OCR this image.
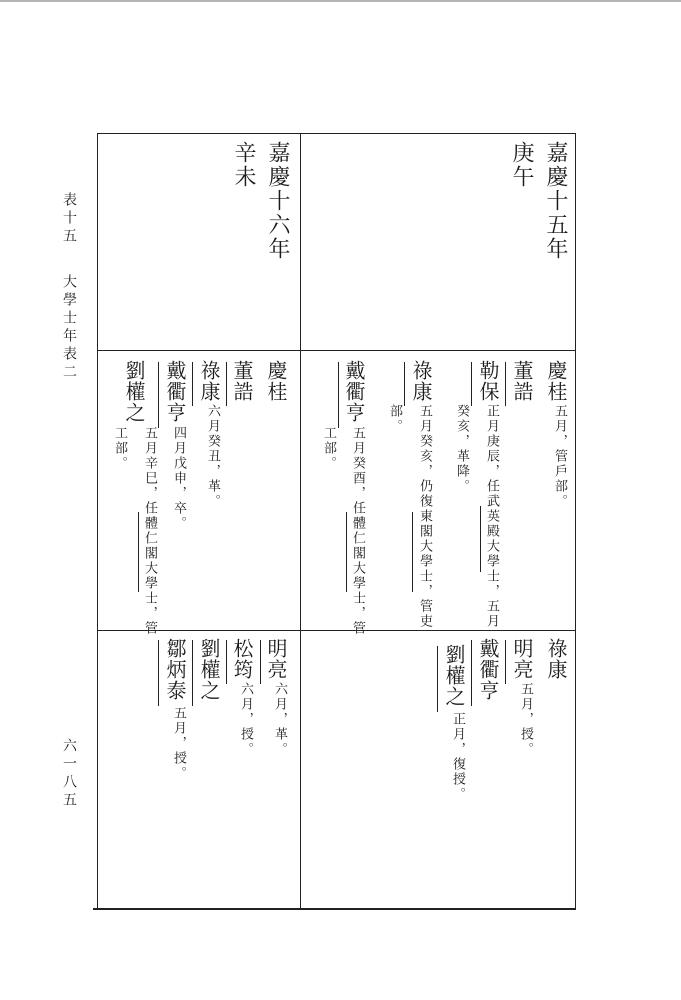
表十五
大學士年表二
六一八五
嘉慶十五年
庚午
慶桂
五月，管戶部。
董誥
勒保
正月庚辰，任武英殿大學士，五月
癸亥，革降。
祿康
五月癸亥，仍復東閣大學士，管吏
部。
戴衢亨
五月癸酉，任體仁閣大學士，管
工部。
祿康
明亮
五月，授。
戴衢亨
劉權之
正月，復授。
嘉慶十六年
辛未
慶桂
董誥
祿康
六月癸丑，革。
戴衢亨
四月戊申，卒。
劉權之
五月辛巳，任體仁閣大學士，管
工部。
明亮
六月，革。
松筠
六月，授。
劉權之
鄒炳泰
五月，授。
